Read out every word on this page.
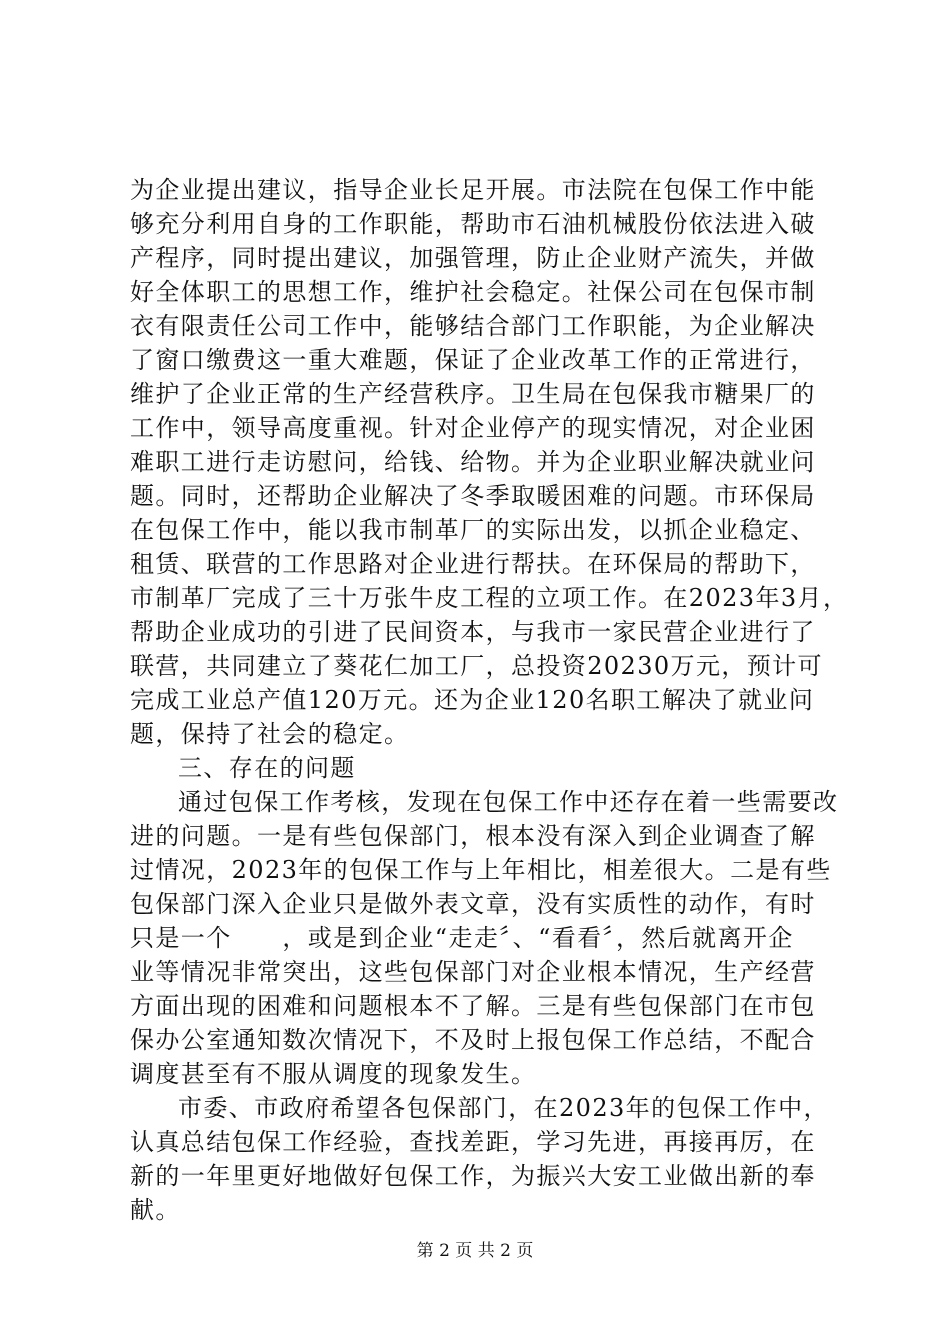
为企业提出建议，指导企业长足开展。市法院在包保工作中能
够充分利用自身的工作职能，帮助市石油机械股份依法进入破
产程序，同时提出建议，加强管理，防止企业财产流失，并做
好全体职工的思想工作，维护社会稳定。社保公司在包保市制
衣有限责任公司工作中，能够结合部门工作职能，为企业解决
了窗口缴费这一重大难题，保证了企业改革工作的正常进行，
维护了企业正常的生产经营秩序。卫生局在包保我市糖果厂的
工作中，领导高度重视。针对企业停产的现实情况，对企业困
难职工进行走访慰问，给钱、给物。并为企业职业解决就业问
题。同时，还帮助企业解决了冬季取暖困难的问题。市环保局
在包保工作中，能以我市制革厂的实际出发，以抓企业稳定、
租赁、联营的工作思路对企业进行帮扶。在环保局的帮助下，
市制革厂完成了三十万张牛皮工程的立项工作。在2023年3月，
帮助企业成功的引进了民间资本，与我市一家民营企业进行了
联营，共同建立了葵花仁加工厂，总投资20230万元，预计可
完成工业总产值120万元。还为企业120名职工解决了就业问
题，保持了社会的稳定。
三、存在的问题
通过包保工作考核，发现在包保工作中还存在着一些需要改
进的问题。一是有些包保部门，根本没有深入到企业调查了解
过情况，2023年的包保工作与上年相比，相差很大。二是有些
包保部门深入企业只是做外表文章，没有实质性的动作，有时
只是一个　　，或是到企业“走走〞、“看看〞，然后就离开企
业等情况非常突出，这些包保部门对企业根本情况，生产经营
方面出现的困难和问题根本不了解。三是有些包保部门在市包
保办公室通知数次情况下，不及时上报包保工作总结，不配合
调度甚至有不服从调度的现象发生。
市委、市政府希望各包保部门，在2023年的包保工作中，
认真总结包保工作经验，查找差距，学习先进，再接再厉，在
新的一年里更好地做好包保工作，为振兴大安工业做出新的奉
献。
第 2 页 共 2 页
